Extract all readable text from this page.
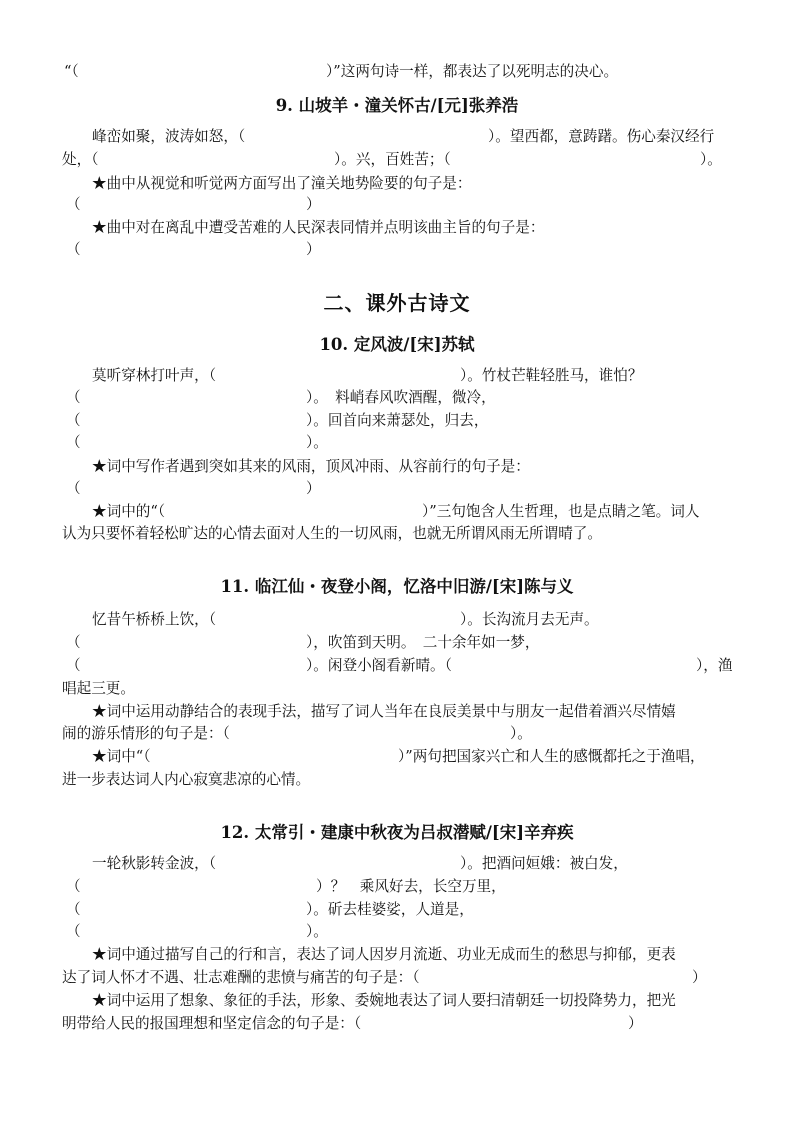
“（	）”这两句诗一样，都表达了以死明志的决心。
9. 山坡羊・潼关怀古/[元]张养浩
峰峦如聚，波涛如怒，（	）。望西都，意踌躇。伤心秦汉经行
处，（	）。兴，百姓苦；（	）。
★曲中从视觉和听觉两方面写出了潼关地势险要的句子是：
（	）
★曲中对在离乱中遭受苦难的人民深表同情并点明该曲主旨的句子是：
（	）
二、课外古诗文
10. 定风波/[宋]苏轼
莫听穿林打叶声，（	）。竹杖芒鞋轻胜马，谁怕？
（	）。　料峭春风吹酒醒，微冷，
（	）。回首向来萧瑟处，归去，
（	）。
★词中写作者遇到突如其来的风雨，顶风冲雨、从容前行的句子是：
（	）
★词中的“（	）”三句饱含人生哲理，也是点睛之笔。词人
认为只要怀着轻松旷达的心情去面对人生的一切风雨，也就无所谓风雨无所谓晴了。
11. 临江仙・夜登小阁，忆洛中旧游/[宋]陈与义
忆昔午桥桥上饮，（	）。长沟流月去无声。
（	），吹笛到天明。　二十余年如一梦，
（	）。闲登小阁看新晴。（	），渔
唱起三更。
★词中运用动静结合的表现手法，描写了词人当年在良辰美景中与朋友一起借着酒兴尽情嬉
闹的游乐情形的句子是：（	）。
★词中“（	）”两句把国家兴亡和人生的感慨都托之于渔唱，
进一步表达词人内心寂寞悲凉的心情。
12. 太常引・建康中秋夜为吕叔潜赋/[宋]辛弃疾
一轮秋影转金波，（	）。把酒问姮娥：被白发，
（	）？　乘风好去，长空万里，
（	）。斫去桂婆娑，人道是，
（	）。
★词中通过描写自己的行和言，表达了词人因岁月流逝、功业无成而生的愁思与抑郁，更表
达了词人怀才不遇、壮志难酬的悲愤与痛苦的句子是：（	）
★词中运用了想象、象征的手法，形象、委婉地表达了词人要扫清朝廷一切投降势力，把光
明带给人民的报国理想和坚定信念的句子是：（	）
